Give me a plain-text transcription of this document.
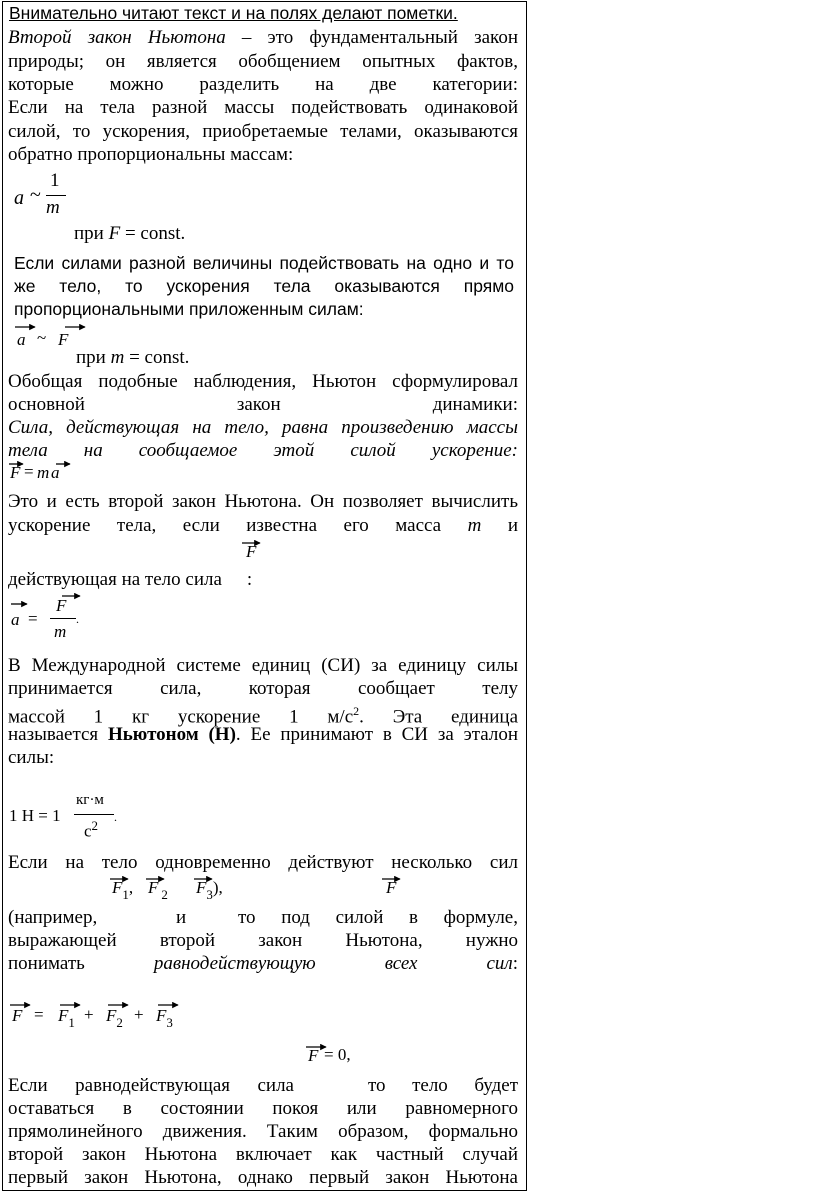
Внимательно читают текст и на полях делают пометки.
Второй закон Ньютона – это фундаментальный закон
природы; он является обобщением опытных фактов,
которые можно разделить на две категории:
Если на тела разной массы подействовать одинаковой
силой, то ускорения, приобретаемые телами, оказываются
обратно пропорциональны массам:
a ~
1
m
при F = const.
Если силами разной величины подействовать на одно и то
же тело, то ускорения тела оказываются прямо
пропорциональными приложенным силам:
a ~ F
при m = const.
Обобщая подобные наблюдения, Ньютон сформулировал
основной закон динамики:
Сила, действующая на тело, равна произведению массы
тела на сообщаемое этой силой ускорение:
F = m a
Это и есть второй закон Ньютона. Он позволяет вычислить
ускорение тела, если известна его масса m и
F
действующая на тело сила :
a =
F
m
.
В Международной системе единиц (СИ) за единицу силы
принимается сила, которая сообщает телу
массой 1 кг ускорение 1 $м/с^2$. Эта единица
называется Ньютоном (Н). Ее принимают в СИ за эталон
силы:
1 Н = 1
кг·м
$с^2$
.
Если на тело одновременно действуют несколько сил
$F_1$, F $_2$ $F_3$),	F
(например,	и	то под силой в формуле,
выражающей второй закон Ньютона, нужно
понимать равнодействующую всех сил:
$F = F_1 + F_2 + F_3$
F = 0,
Если равнодействующая сила	то тело будет
оставаться в состоянии покоя или равномерного
прямолинейного движения. Таким образом, формально
второй закон Ньютона включает как частный случай
первый закон Ньютона, однако первый закон Ньютона
